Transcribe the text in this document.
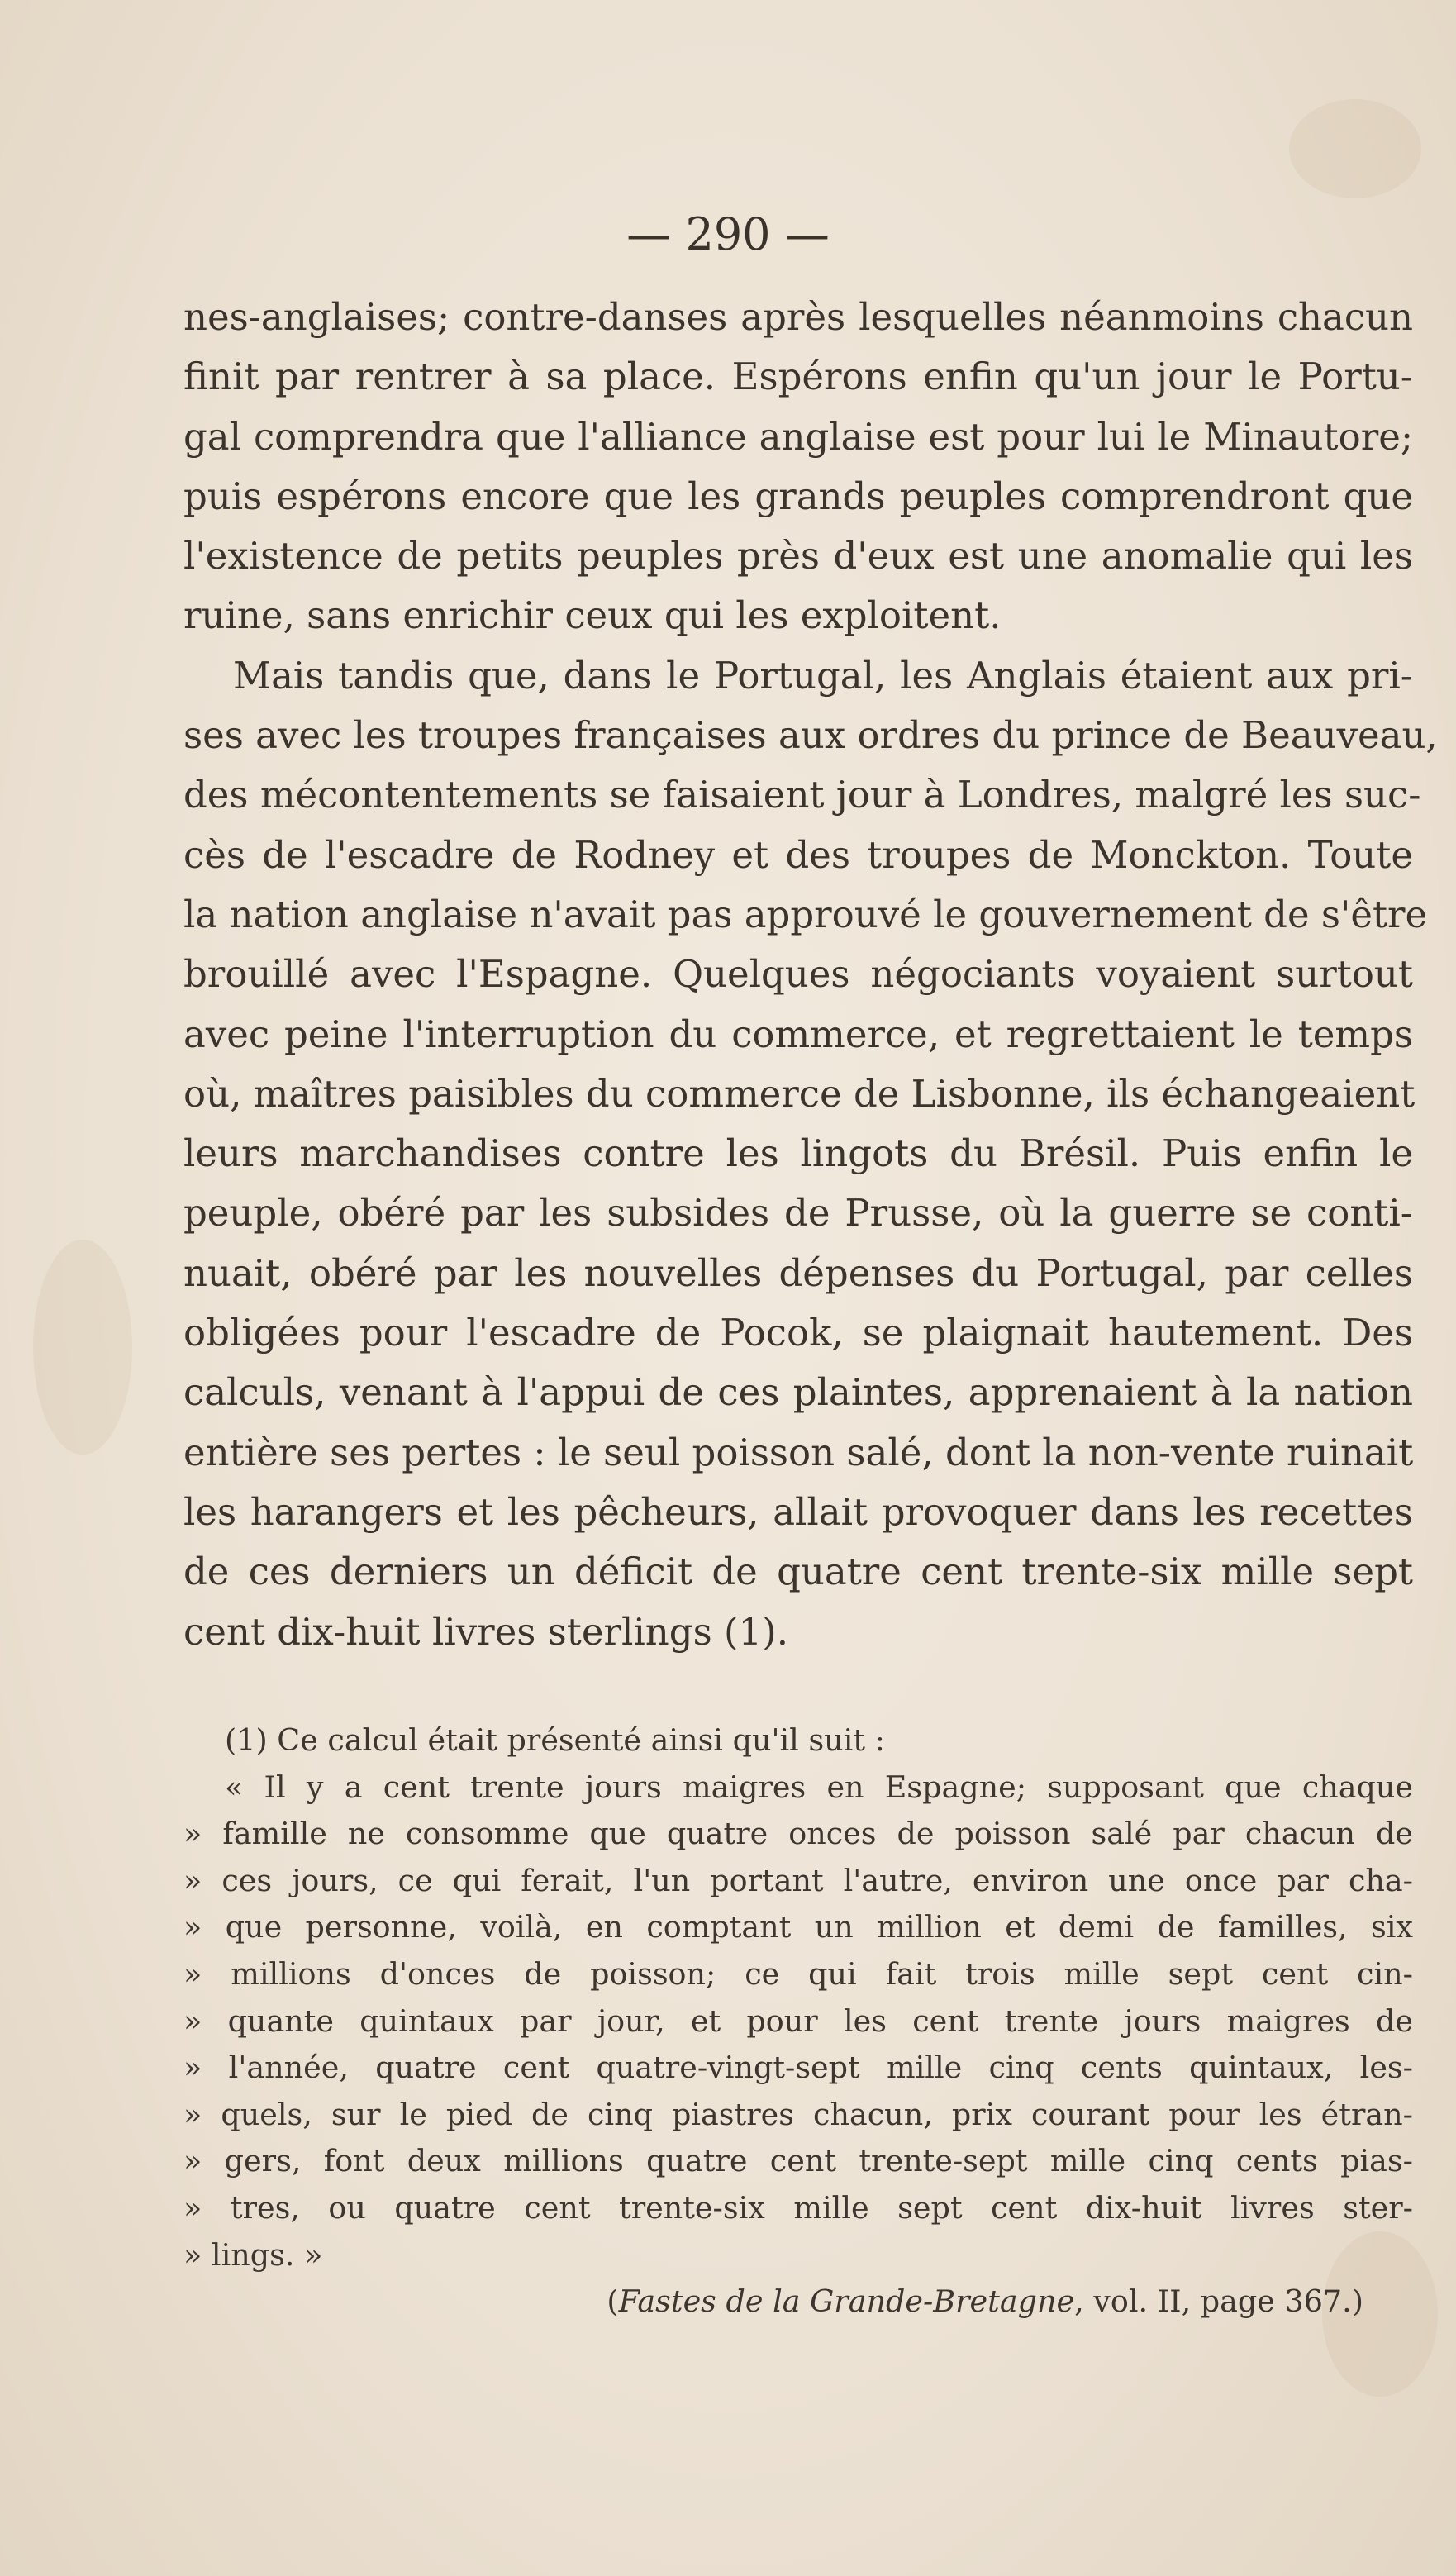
— 290 —
nes-anglaises; contre-danses après lesquelles néanmoins chacun
finit par rentrer à sa place. Espérons enfin qu'un jour le Portu-
gal comprendra que l'alliance anglaise est pour lui le Minautore;
puis espérons encore que les grands peuples comprendront que
l'existence de petits peuples près d'eux est une anomalie qui les
ruine, sans enrichir ceux qui les exploitent.
Mais tandis que, dans le Portugal, les Anglais étaient aux pri-
ses avec les troupes françaises aux ordres du prince de Beauveau,
des mécontentements se faisaient jour à Londres, malgré les suc-
cès de l'escadre de Rodney et des troupes de Monckton. Toute
la nation anglaise n'avait pas approuvé le gouvernement de s'être
brouillé avec l'Espagne. Quelques négociants voyaient surtout
avec peine l'interruption du commerce, et regrettaient le temps
où, maîtres paisibles du commerce de Lisbonne, ils échangeaient
leurs marchandises contre les lingots du Brésil. Puis enfin le
peuple, obéré par les subsides de Prusse, où la guerre se conti-
nuait, obéré par les nouvelles dépenses du Portugal, par celles
obligées pour l'escadre de Pocok, se plaignait hautement. Des
calculs, venant à l'appui de ces plaintes, apprenaient à la nation
entière ses pertes : le seul poisson salé, dont la non-vente ruinait
les harangers et les pêcheurs, allait provoquer dans les recettes
de ces derniers un déficit de quatre cent trente-six mille sept
cent dix-huit livres sterlings (1).
(1) Ce calcul était présenté ainsi qu'il suit :
« Il y a cent trente jours maigres en Espagne; supposant que chaque
» famille ne consomme que quatre onces de poisson salé par chacun de
» ces jours, ce qui ferait, l'un portant l'autre, environ une once par cha-
» que personne, voilà, en comptant un million et demi de familles, six
» millions d'onces de poisson; ce qui fait trois mille sept cent cin-
» quante quintaux par jour, et pour les cent trente jours maigres de
» l'année, quatre cent quatre-vingt-sept mille cinq cents quintaux, les-
» quels, sur le pied de cinq piastres chacun, prix courant pour les étran-
» gers, font deux millions quatre cent trente-sept mille cinq cents pias-
» tres, ou quatre cent trente-six mille sept cent dix-huit livres ster-
» lings. »
(Fastes de la Grande-Bretagne, vol. II, page 367.)
